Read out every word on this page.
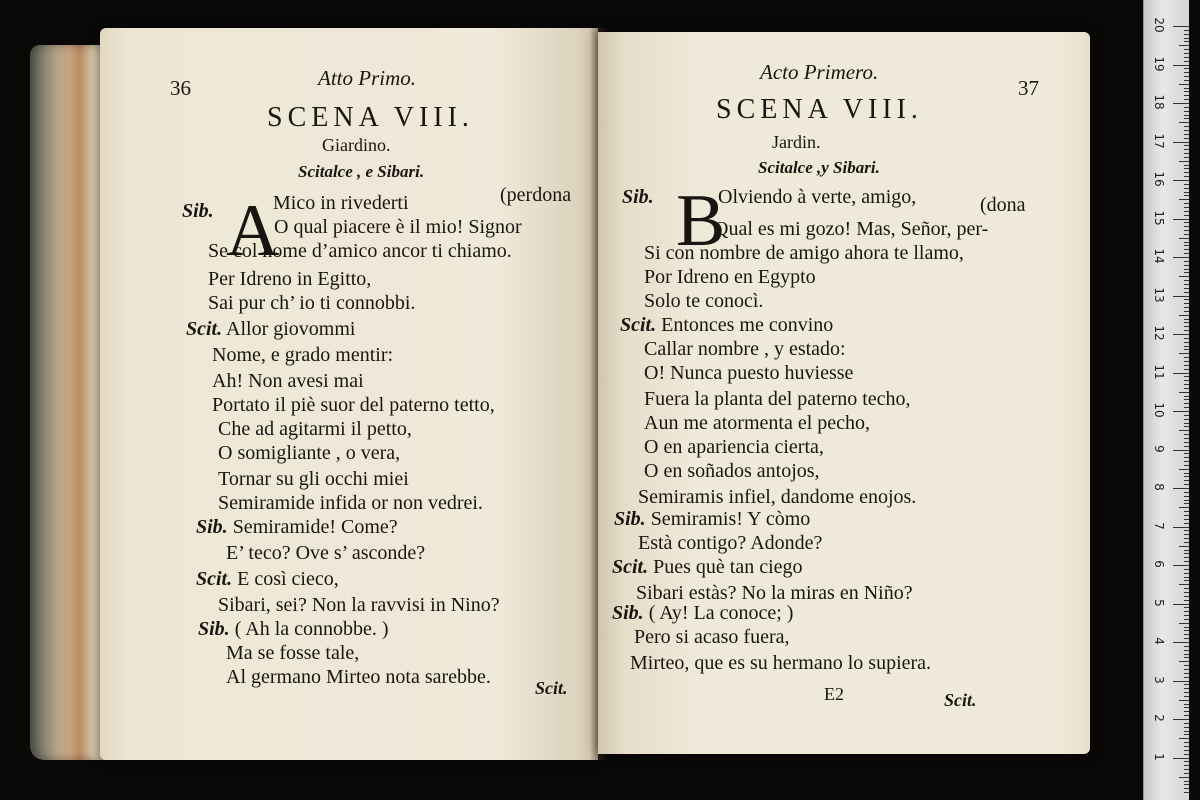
36	Atto Primo.
SCENA VIII.
Giardino.
Scitalce , e Sibari.
A
Sib.	Mico in rivederti	(perdona
O qual piacere è il mio! Signor
Se col nome d’amico ancor ti chiamo.
Per Idreno in Egitto,
Sai pur ch’ io ti connobbi.
Scit. Allor giovommi
Nome, e grado mentir:
Ah! Non avesi mai
Portato il piè suor del paterno tetto,
Che ad agitarmi il petto,
O somigliante , o vera,
Tornar su gli occhi miei
Semiramide infida or non vedrei.
Sib. Semiramide! Come?
E’ teco? Ove s’ asconde?
Scit. E così cieco,
Sibari, sei? Non la ravvisi in Nino?
Sib. ( Ah la connobbe. )
Ma se fosse tale,
Al germano Mirteo nota sarebbe. Scit.
Acto Primero.
37
SCENA VIII.
Jardin.
Scitalce ,y Sibari.
B
Sib.	Olviendo à verte, amigo,	(dona
Qual es mi gozo! Mas, Señor, per-
Si con nombre de amigo ahora te llamo,
Por Idreno en Egypto
Solo te conocì.
Scit. Entonces me convino
Callar nombre , y estado:
O! Nunca puesto huviesse
Fuera la planta del paterno techo,
Aun me atormenta el pecho,
O en apariencia cierta,
O en soñados antojos,
Semiramis infiel, dandome enojos.
Sib. Semiramis! Y còmo
Està contigo? Adonde?
Scit. Pues què tan ciego
Sibari estàs? No la miras en Niño?
Sib. ( Ay! La conoce; )
Pero si acaso fuera,
Mirteo, que es su hermano lo supiera.
E2	Scit.
20
19
18
17
16
15
14
13
12
11
10
9
8
7
6
5
4
3
2
1
